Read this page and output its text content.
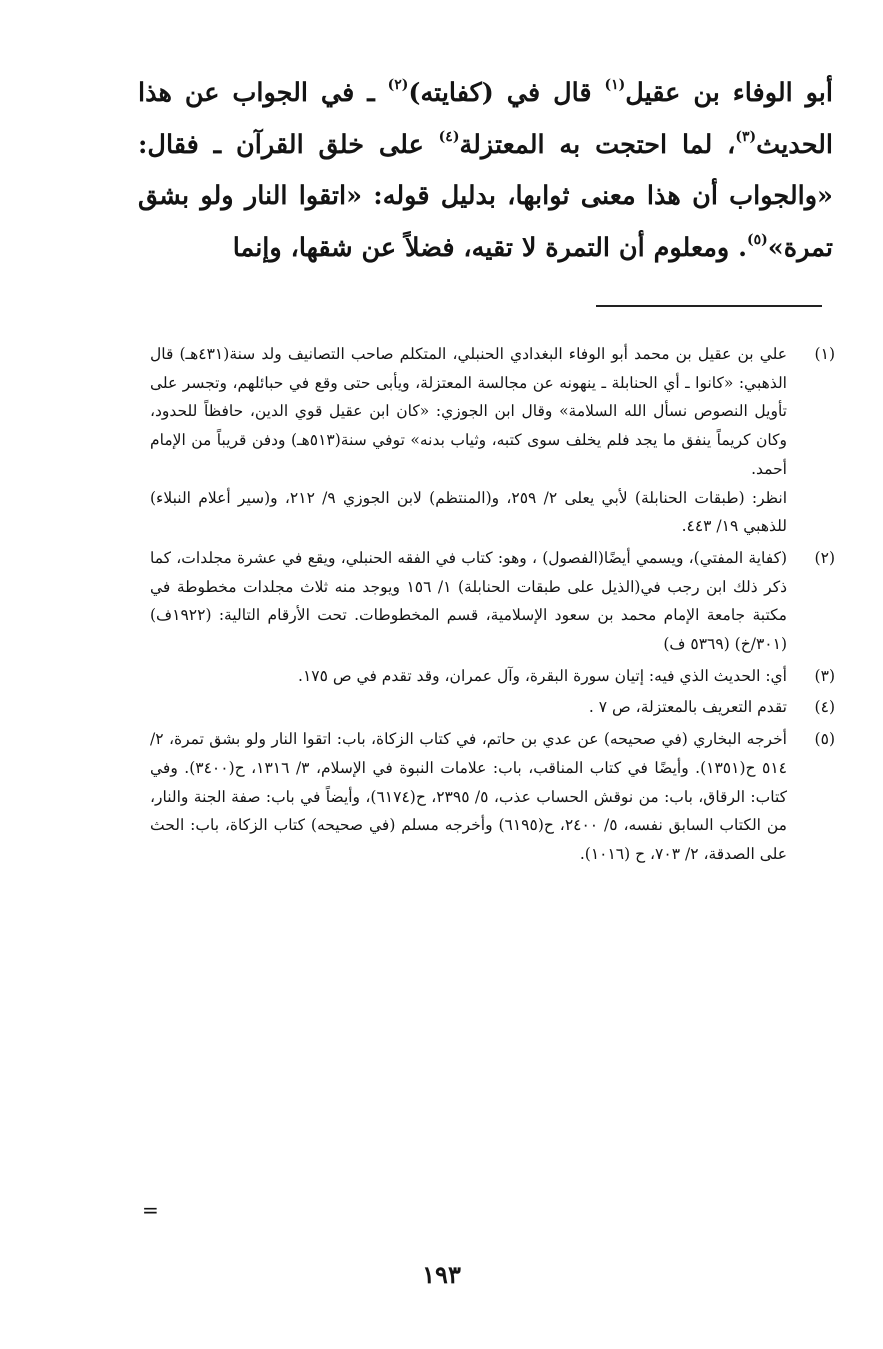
أبو الوفاء بن عقيل$^{(١)}$ قال في (كفايته)$^{(٢)}$ ـ في الجواب عن هذا الحديث$^{(٣)}$، لما احتجت به المعتزلة$^{(٤)}$ على خلق القرآن ـ فقال: «والجواب أن هذا معنى ثوابها، بدليل قوله: «اتقوا النار ولو بشق تمرة»$^{(٥)}$. ومعلوم أن التمرة لا تقيه، فضلاً عن شقها، وإنما

(١)

علي بن عقيل بن محمد أبو الوفاء البغدادي الحنبلي، المتكلم صاحب التصانيف ولد سنة(٤٣١هـ) قال الذهبي: «كانوا ـ أي الحنابلة ـ ينهونه عن مجالسة المعتزلة، ويأبى حتى وقع في حبائلهم، وتجسر على تأويل النصوص نسأل الله السلامة» وقال ابن الجوزي: «كان ابن عقيل قوي الدين، حافظاً للحدود، وكان كريماً ينفق ما يجد فلم يخلف سوى كتبه، وثياب بدنه» توفي سنة(٥١٣هـ) ودفن قريباً من الإمام أحمد.

انظر: (طبقات الحنابلة) لأبي يعلى ٢/ ٢٥٩، و(المنتظم) لابن الجوزي ٩/ ٢١٢، و(سير أعلام النبلاء) للذهبي ١٩/ ٤٤٣.

(٢)

(كفاية المفتي)، ويسمي أيضًا(الفصول) ، وهو: كتاب في الفقه الحنبلي، ويقع في عشرة مجلدات، كما ذكر ذلك ابن رجب في(الذيل على طبقات الحنابلة) ١/ ١٥٦ ويوجد منه ثلاث مجلدات مخطوطة في مكتبة جامعة الإمام محمد بن سعود الإسلامية، قسم المخطوطات. تحت الأرقام التالية: (١٩٢٢ف) (٣٠١/خ) (٥٣٦٩ ف)

(٣)

أي: الحديث الذي فيه: إتيان سورة البقرة، وآل عمران، وقد تقدم في ص ١٧٥.

(٤)

تقدم التعريف بالمعتزلة، ص ٧ .

(٥)

أخرجه البخاري (في صحيحه) عن عدي بن حاتم، في كتاب الزكاة، باب: اتقوا النار ولو بشق تمرة، ٢/ ٥١٤ ح(١٣٥١). وأيضًا في كتاب المناقب، باب: علامات النبوة في الإسلام، ٣/ ١٣١٦، ح(٣٤٠٠). وفي كتاب: الرقاق، باب: من نوقش الحساب عذب، ٥/ ٢٣٩٥، ح(٦١٧٤)، وأيضاً في باب: صفة الجنة والنار، من الكتاب السابق نفسه، ٥/ ٢٤٠٠، ح(٦١٩٥) وأخرجه مسلم (في صحيحه) كتاب الزكاة، باب: الحث على الصدقة، ٢/ ٧٠٣، ح (١٠١٦).

=
١٩٣
